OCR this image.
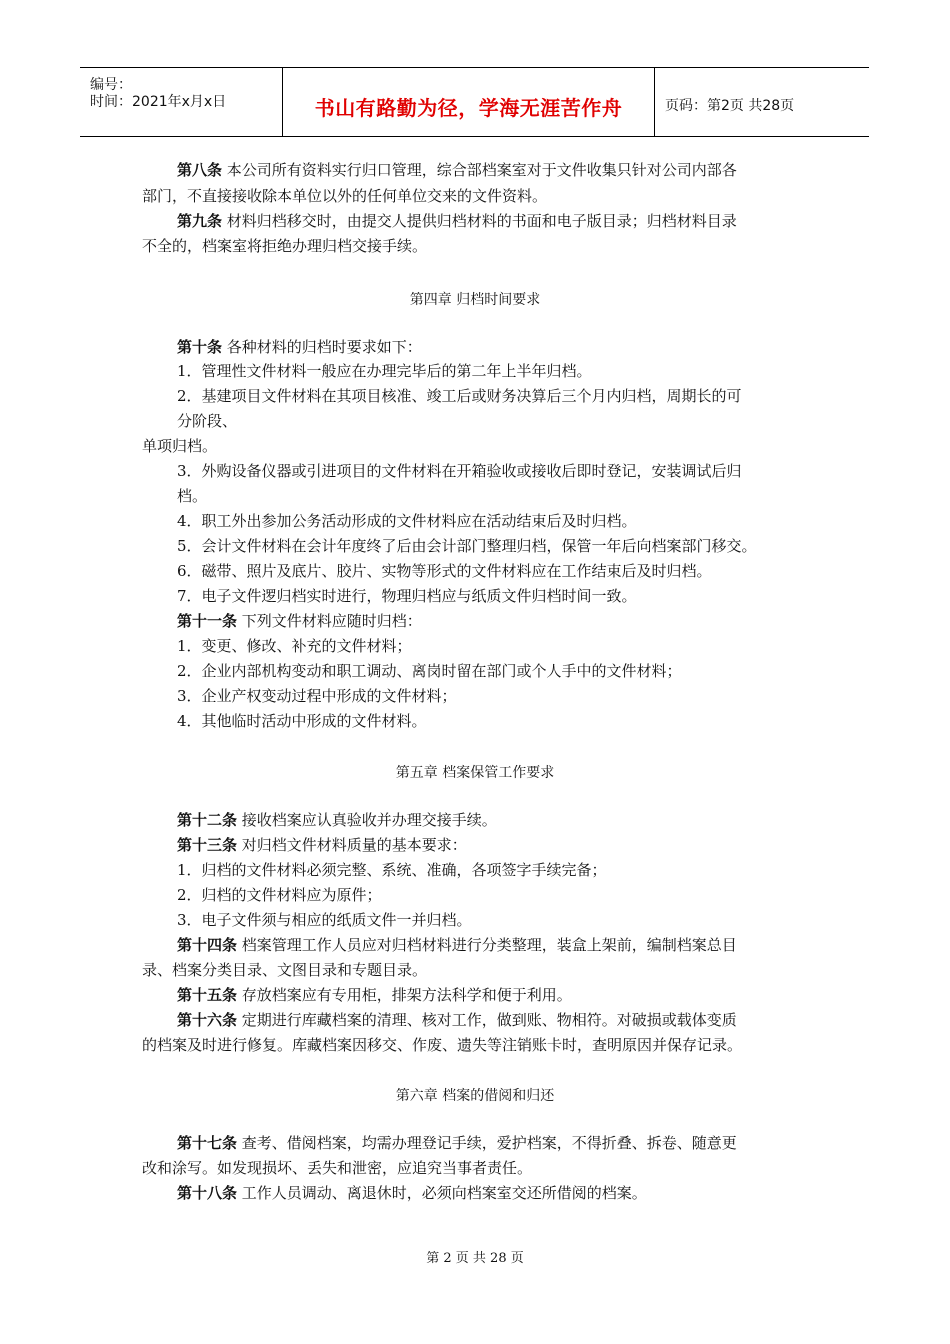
编号：
时间：2021年x月x日	书山有路勤为径，学海无涯苦作舟	页码：第2页 共28页
第八条 本公司所有资料实行归口管理，综合部档案室对于文件收集只针对公司内部各
部门，不直接接收除本单位以外的任何单位交来的文件资料。
第九条 材料归档移交时，由提交人提供归档材料的书面和电子版目录；归档材料目录
不全的，档案室将拒绝办理归档交接手续。
第四章 归档时间要求
第十条 各种材料的归档时要求如下：
1．管理性文件材料一般应在办理完毕后的第二年上半年归档。
2．基建项目文件材料在其项目核准、竣工后或财务决算后三个月内归档，周期长的可
分阶段、
单项归档。
3．外购设备仪器或引进项目的文件材料在开箱验收或接收后即时登记，安装调试后归
档。
4．职工外出参加公务活动形成的文件材料应在活动结束后及时归档。
5．会计文件材料在会计年度终了后由会计部门整理归档，保管一年后向档案部门移交。
6．磁带、照片及底片、胶片、实物等形式的文件材料应在工作结束后及时归档。
7．电子文件逻归档实时进行，物理归档应与纸质文件归档时间一致。
第十一条 下列文件材料应随时归档：
1．变更、修改、补充的文件材料；
2．企业内部机构变动和职工调动、离岗时留在部门或个人手中的文件材料；
3．企业产权变动过程中形成的文件材料；
4．其他临时活动中形成的文件材料。
第五章 档案保管工作要求
第十二条 接收档案应认真验收并办理交接手续。
第十三条 对归档文件材料质量的基本要求：
1．归档的文件材料必须完整、系统、准确，各项签字手续完备；
2．归档的文件材料应为原件；
3．电子文件须与相应的纸质文件一并归档。
第十四条 档案管理工作人员应对归档材料进行分类整理，装盒上架前，编制档案总目
录、档案分类目录、文图目录和专题目录。
第十五条 存放档案应有专用柜，排架方法科学和便于利用。
第十六条 定期进行库藏档案的清理、核对工作，做到账、物相符。对破损或载体变质
的档案及时进行修复。库藏档案因移交、作废、遗失等注销账卡时，查明原因并保存记录。
第六章 档案的借阅和归还
第十七条 查考、借阅档案，均需办理登记手续，爱护档案，不得折叠、拆卷、随意更
改和涂写。如发现损坏、丢失和泄密，应追究当事者责任。
第十八条 工作人员调动、离退休时，必须向档案室交还所借阅的档案。
第 2 页 共 28 页
